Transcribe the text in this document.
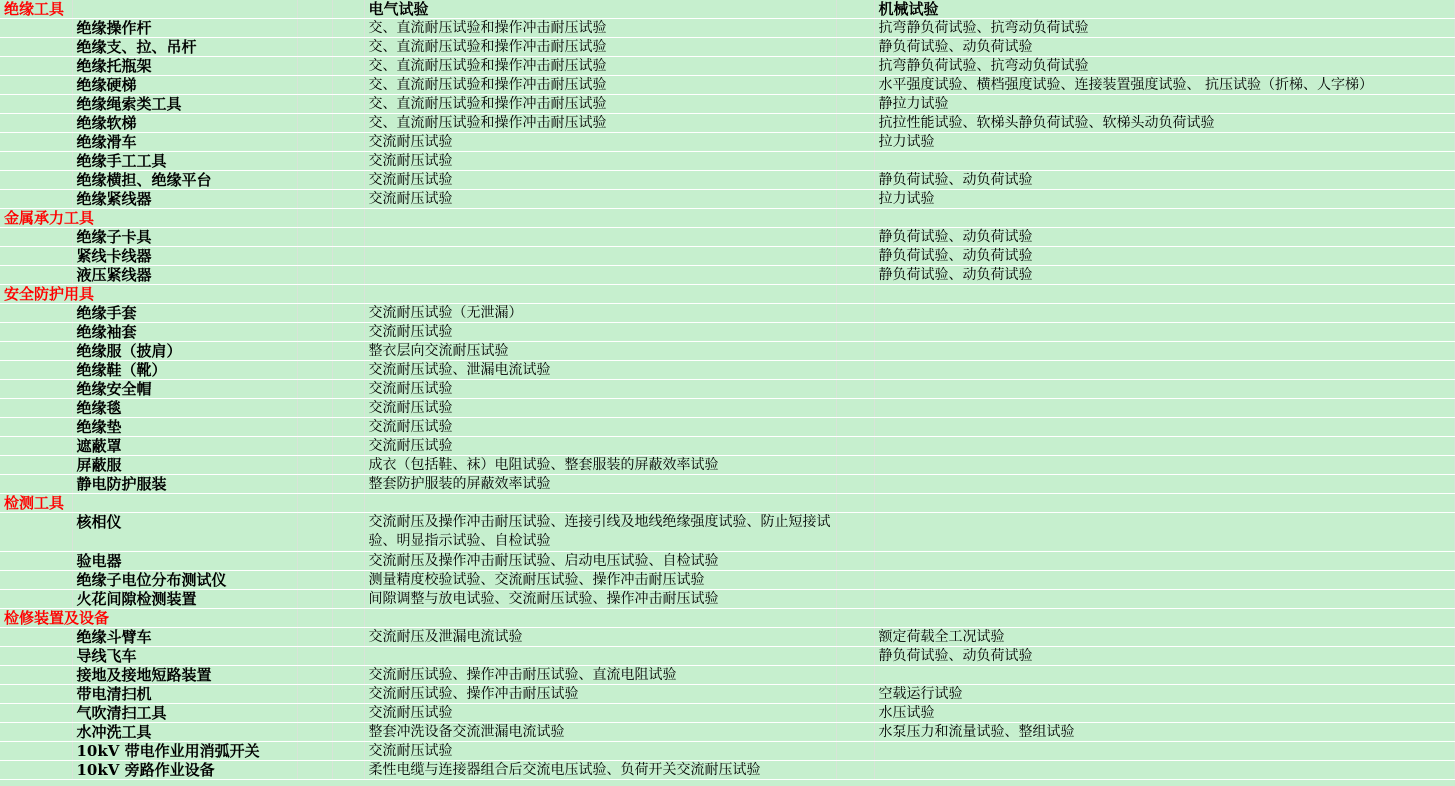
绝缘工具				电气试验		机械试验
	绝缘操作杆			交、直流耐压试验和操作冲击耐压试验		抗弯静负荷试验、抗弯动负荷试验
	绝缘支、拉、吊杆			交、直流耐压试验和操作冲击耐压试验		静负荷试验、动负荷试验
	绝缘托瓶架			交、直流耐压试验和操作冲击耐压试验		抗弯静负荷试验、抗弯动负荷试验
	绝缘硬梯			交、直流耐压试验和操作冲击耐压试验		水平强度试验、横档强度试验、连接装置强度试验、 抗压试验（折梯、人字梯）
	绝缘绳索类工具			交、直流耐压试验和操作冲击耐压试验		静拉力试验
	绝缘软梯			交、直流耐压试验和操作冲击耐压试验		抗拉性能试验、软梯头静负荷试验、软梯头动负荷试验
	绝缘滑车			交流耐压试验		拉力试验
	绝缘手工工具			交流耐压试验		
	绝缘横担、绝缘平台			交流耐压试验		静负荷试验、动负荷试验
	绝缘紧线器			交流耐压试验		拉力试验
金属承力工具						
	绝缘子卡具					静负荷试验、动负荷试验
	紧线卡线器					静负荷试验、动负荷试验
	液压紧线器					静负荷试验、动负荷试验
安全防护用具						
	绝缘手套			交流耐压试验（无泄漏）		
	绝缘袖套			交流耐压试验		
	绝缘服（披肩）			整衣层向交流耐压试验		
	绝缘鞋（靴）			交流耐压试验、泄漏电流试验		
	绝缘安全帽			交流耐压试验		
	绝缘毯			交流耐压试验		
	绝缘垫			交流耐压试验		
	遮蔽罩			交流耐压试验		
	屏蔽服			成衣（包括鞋、袜）电阻试验、整套服装的屏蔽效率试验		
	静电防护服装			整套防护服装的屏蔽效率试验		
检测工具						
	核相仪			交流耐压及操作冲击耐压试验、连接引线及地线绝缘强度试验、防止短接试验、明显指示试验、自检试验		
	验电器			交流耐压及操作冲击耐压试验、启动电压试验、自检试验		
	绝缘子电位分布测试仪			测量精度校验试验、交流耐压试验、操作冲击耐压试验		
	火花间隙检测装置			间隙调整与放电试验、交流耐压试验、操作冲击耐压试验		
检修装置及设备						
	绝缘斗臂车			交流耐压及泄漏电流试验		额定荷载全工况试验
	导线飞车					静负荷试验、动负荷试验
	接地及接地短路装置			交流耐压试验、操作冲击耐压试验、直流电阻试验		
	带电清扫机			交流耐压试验、操作冲击耐压试验		空载运行试验
	气吹清扫工具			交流耐压试验		水压试验
	水冲洗工具			整套冲洗设备交流泄漏电流试验		水泵压力和流量试验、整组试验
	10kV 带电作业用消弧开关			交流耐压试验		
	10kV 旁路作业设备			柔性电缆与连接器组合后交流电压试验、负荷开关交流耐压试验		
